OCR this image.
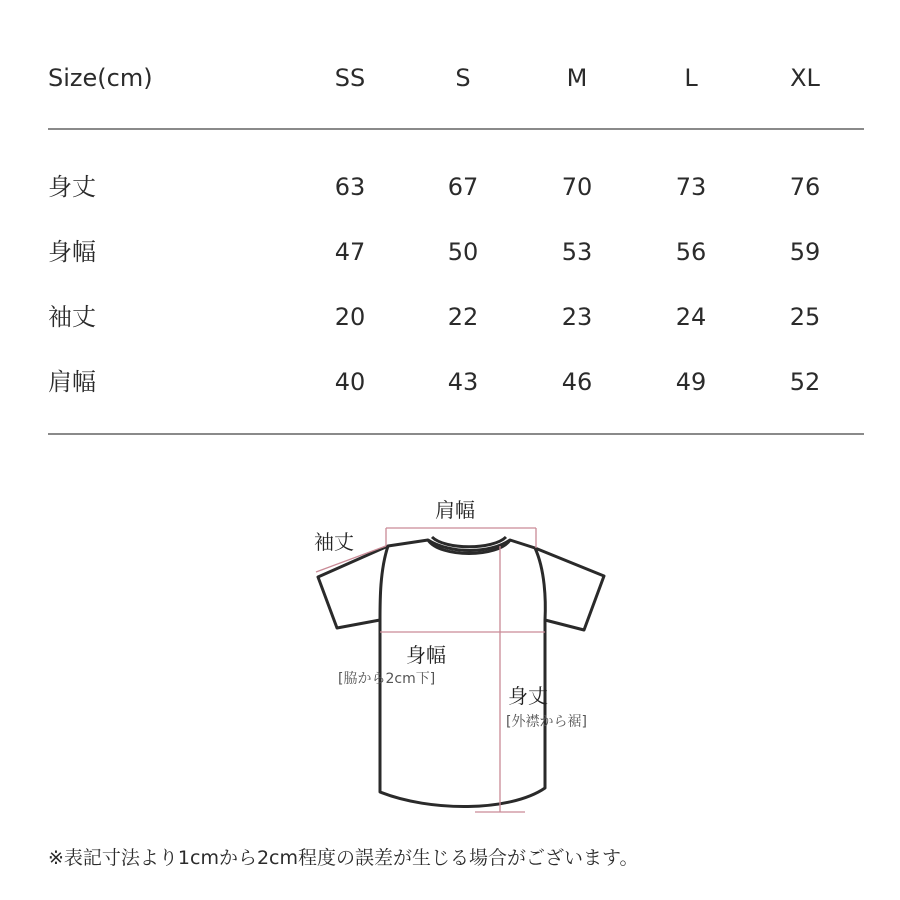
Size(cm)	SS	S	M	L	XL
身丈	63	67	70	73	76
身幅	47	50	53	56	59
袖丈	20	22	23	24	25
肩幅	40	43	46	49	52
肩幅
袖丈
身幅
[脇から2cm下]
身丈
[外襟から裾]
※表記寸法より1cmから2cm程度の誤差が生じる場合がございます。
